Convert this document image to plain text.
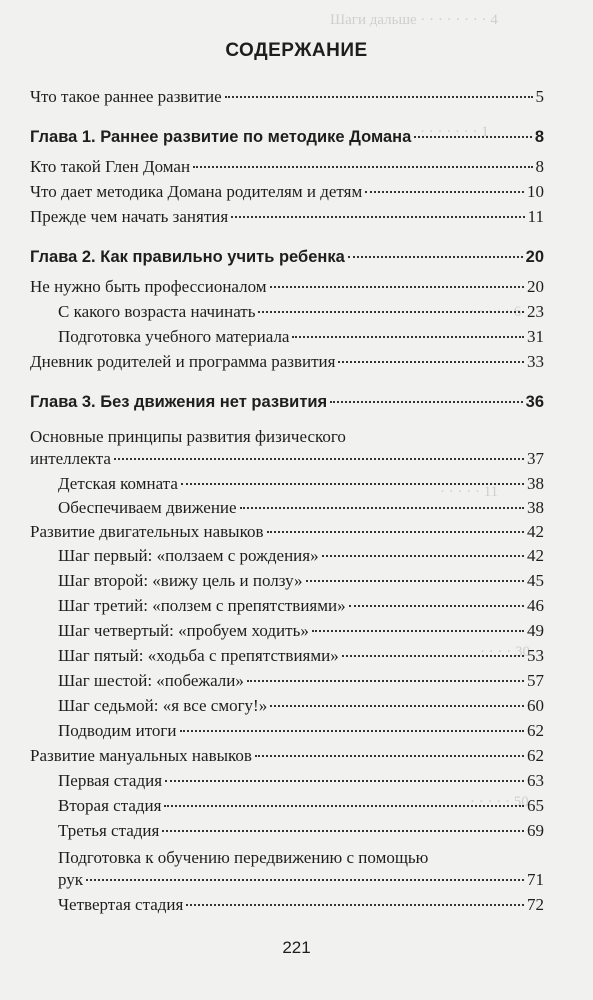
Шаги дальше · · · · · · · · 4
· · · · · · · 1
· · · · · 6
· · · · · 11
· · · · 30
· · · · · 50
СОДЕРЖАНИЕ
Что такое раннее развитие	5
Глава 1. Раннее развитие по методике Домана	8
Кто такой Глен Доман	8
Что дает методика Домана родителям и детям	10
Прежде чем начать занятия	11
Глава 2. Как правильно учить ребенка	20
Не нужно быть профессионалом	20
С какого возраста начинать	23
Подготовка учебного материала	31
Дневник родителей и программа развития	33
Глава 3. Без движения нет развития	36
Основные принципы развития физического
интеллекта	37
Детская комната	38
Обеспечиваем движение	38
Развитие двигательных навыков	42
Шаг первый: «ползаем с рождения»	42
Шаг второй: «вижу цель и ползу»	45
Шаг третий: «ползем с препятствиями»	46
Шаг четвертый: «пробуем ходить»	49
Шаг пятый: «ходьба с препятствиями»	53
Шаг шестой: «побежали»	57
Шаг седьмой: «я все смогу!»	60
Подводим итоги	62
Развитие мануальных навыков	62
Первая стадия	63
Вторая стадия	65
Третья стадия	69
Подготовка к обучению передвижению с помощью
рук	71
Четвертая стадия	72
221
